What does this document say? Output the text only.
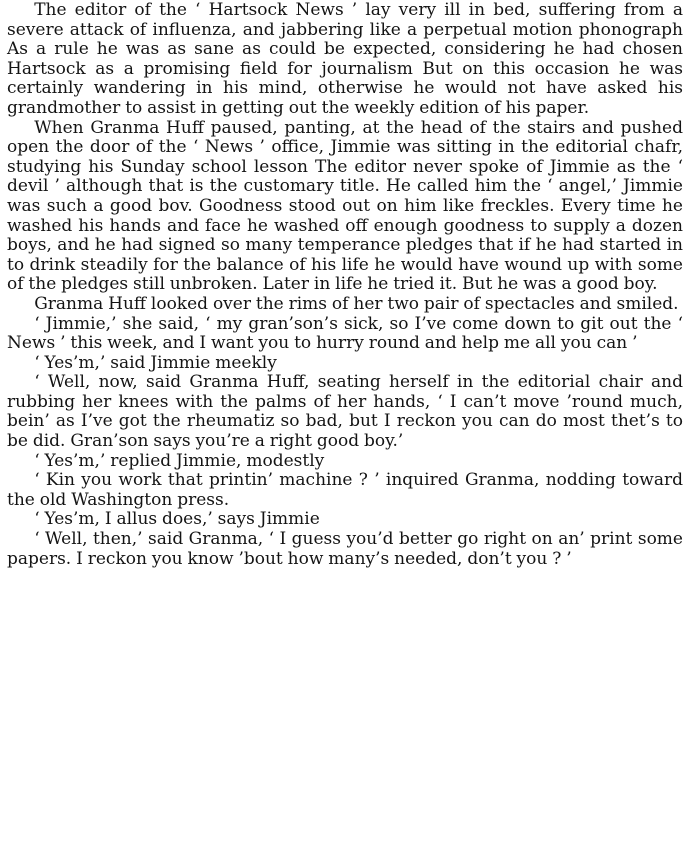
The editor of the ‘ Hartsock News ’ lay very ill in bed, suffering from a severe attack of influenza, and jabbering like a perpetual motion phonograph As a rule he was as sane as could be expected, considering he had chosen Hartsock as a promising field for journalism But on this occasion he was certainly wandering in his mind, otherwise he would not have asked his grandmother to assist in getting out the weekly edition of his paper.

When Granma Huff paused, panting, at the head of the stairs and pushed open the door of the ‘ News ’ office, Jimmie was sitting in the editorial chafr, studying his Sunday school lesson The editor never spoke of Jimmie as the ‘ devil ’ although that is the customary title. He called him the ‘ angel,’ Jimmie was such a good bov. Goodness stood out on him like freckles. Every time he washed his hands and face he washed off enough goodness to supply a dozen boys, and he had signed so many temperance pledges that if he had started in to drink steadily for the balance of his life he would have wound up with some of the pledges still unbroken. Later in life he tried it. But he was a good boy.

Granma Huff looked over the rims of her two pair of spectacles and smiled.

‘ Jimmie,’ she said, ‘ my gran’son’s sick, so I’ve come down to git out the ‘ News ’ this week, and I want you to hurry round and help me all you can ’

‘ Yes’m,’ said Jimmie meekly

‘ Well, now, said Granma Huff, seating herself in the editorial chair and rubbing her knees with the palms of her hands, ‘ I can’t move ’round much, bein’ as I’ve got the rheumatiz so bad, but I reckon you can do most thet’s to be did. Gran’son says you’re a right good boy.’

‘ Yes’m,’ replied Jimmie, modestly

‘ Kin you work that printin’ machine ? ’ inquired Granma, nodding toward the old Washington press.

‘ Yes’m, I allus does,’ says Jimmie

‘ Well, then,’ said Granma, ‘ I guess you’d better go right on an’ print some papers. I reckon you know ’bout how many’s needed, don’t you ? ’
